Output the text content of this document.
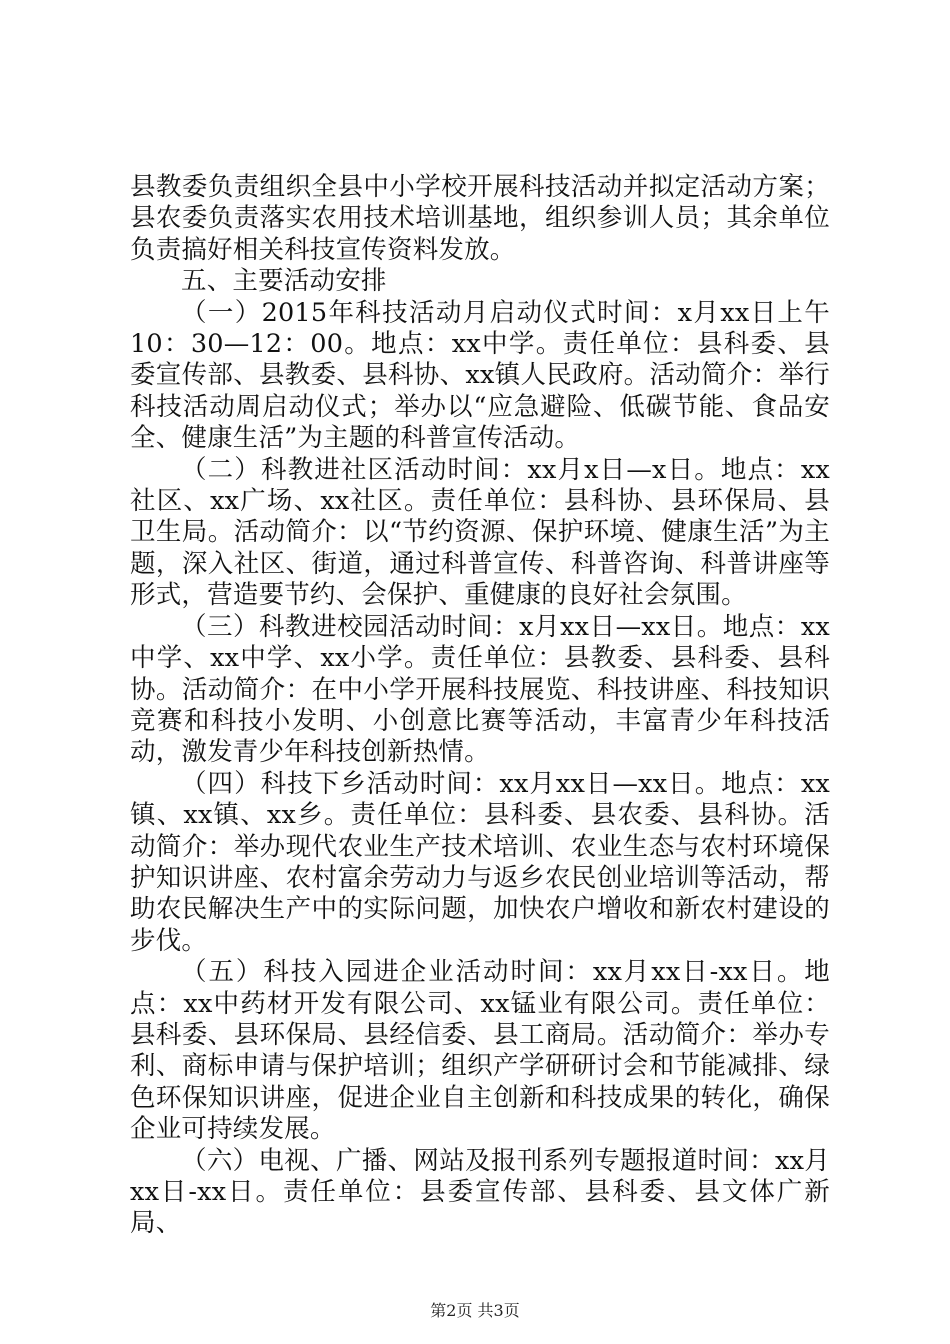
县教委负责组织全县中小学校开展科技活动并拟定活动方案；县农委负责落实农用技术培训基地，组织参训人员；其余单位负责搞好相关科技宣传资料发放。

五、主要活动安排

（一）2015年科技活动月启动仪式时间：x月xx日上午10：30—12：00。地点：xx中学。责任单位：县科委、县委宣传部、县教委、县科协、xx镇人民政府。活动简介：举行科技活动周启动仪式；举办以“应急避险、低碳节能、食品安全、健康生活”为主题的科普宣传活动。

（二）科教进社区活动时间：xx月x日—x日。地点：xx社区、xx广场、xx社区。责任单位：县科协、县环保局、县卫生局。活动简介：以“节约资源、保护环境、健康生活”为主题，深入社区、街道，通过科普宣传、科普咨询、科普讲座等形式，营造要节约、会保护、重健康的良好社会氛围。

（三）科教进校园活动时间：x月xx日—xx日。地点：xx中学、xx中学、xx小学。责任单位：县教委、县科委、县科协。活动简介：在中小学开展科技展览、科技讲座、科技知识竞赛和科技小发明、小创意比赛等活动，丰富青少年科技活动，激发青少年科技创新热情。

（四）科技下乡活动时间：xx月xx日—xx日。地点：xx镇、xx镇、xx乡。责任单位：县科委、县农委、县科协。活动简介：举办现代农业生产技术培训、农业生态与农村环境保护知识讲座、农村富余劳动力与返乡农民创业培训等活动，帮助农民解决生产中的实际问题，加快农户增收和新农村建设的步伐。

（五）科技入园进企业活动时间：xx月xx日-xx日。地点：xx中药材开发有限公司、xx锰业有限公司。责任单位：县科委、县环保局、县经信委、县工商局。活动简介：举办专利、商标申请与保护培训；组织产学研研讨会和节能减排、绿色环保知识讲座，促进企业自主创新和科技成果的转化，确保企业可持续发展。

（六）电视、广播、网站及报刊系列专题报道时间：xx月xx日-xx日。责任单位：县委宣传部、县科委、县文体广新局、

第2页 共3页
